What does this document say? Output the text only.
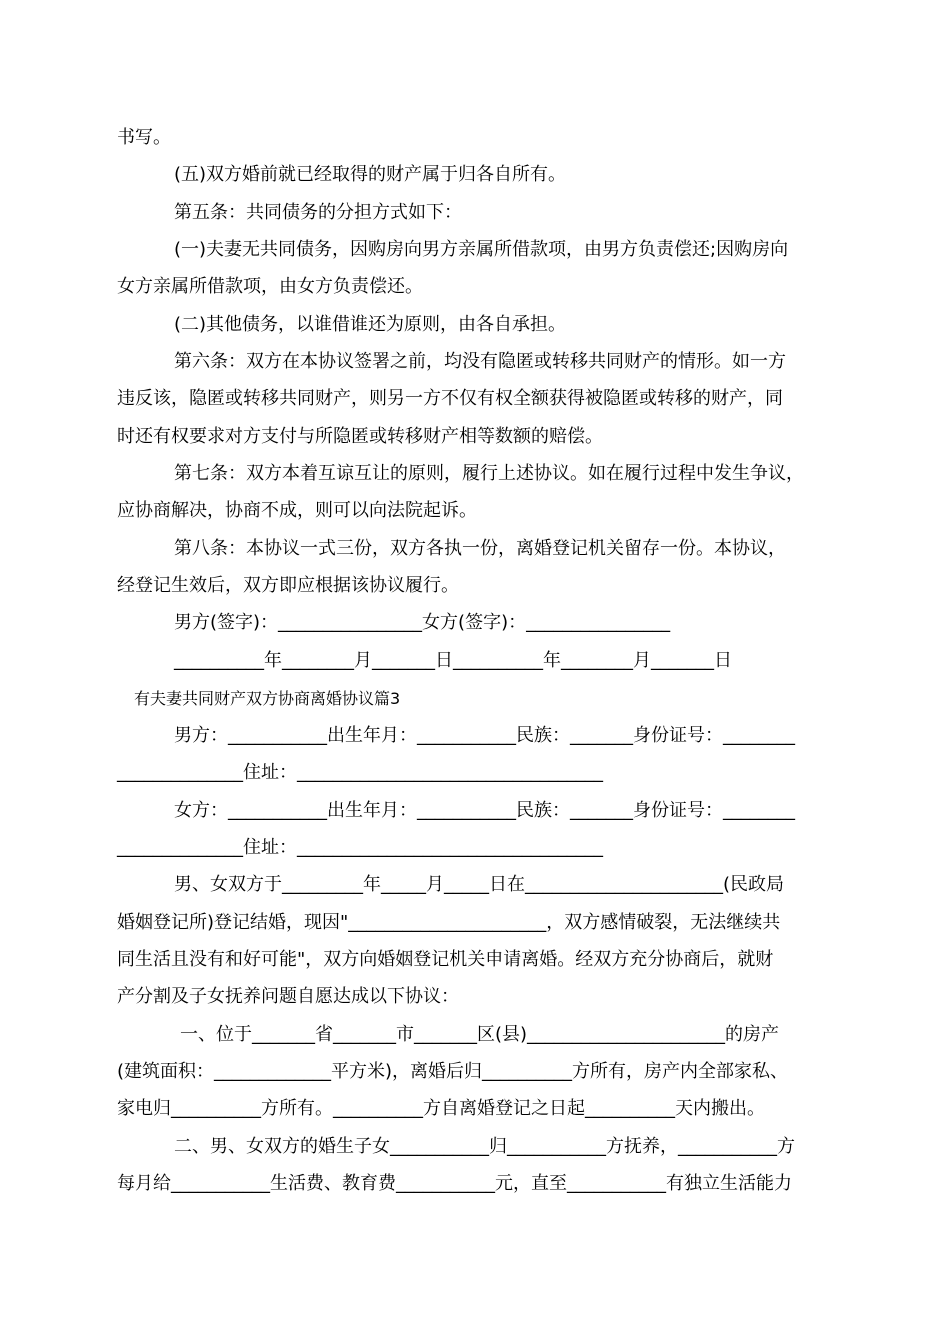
书写。
(五)双方婚前就已经取得的财产属于归各自所有。
第五条：共同债务的分担方式如下：
(一)夫妻无共同债务，因购房向男方亲属所借款项，由男方负责偿还;因购房向
女方亲属所借款项，由女方负责偿还。
(二)其他债务，以谁借谁还为原则，由各自承担。
第六条：双方在本协议签署之前，均没有隐匿或转移共同财产的情形。如一方
违反该，隐匿或转移共同财产，则另一方不仅有权全额获得被隐匿或转移的财产，同
时还有权要求对方支付与所隐匿或转移财产相等数额的赔偿。
第七条：双方本着互谅互让的原则，履行上述协议。如在履行过程中发生争议，
应协商解决，协商不成，则可以向法院起诉。
第八条：本协议一式三份，双方各执一份，离婚登记机关留存一份。本协议，
经登记生效后，双方即应根据该协议履行。
男方(签字)：________________女方(签字)：________________
__________年________月_______日__________年________月_______日
有夫妻共同财产双方协商离婚协议篇3
男方：___________出生年月：___________民族：_______身份证号：________
______________住址：__________________________________
女方：___________出生年月：___________民族：_______身份证号：________
______________住址：__________________________________
男、女双方于_________年_____月_____日在______________________(民政局
婚姻登记所)登记结婚，现因"______________________，双方感情破裂，无法继续共
同生活且没有和好可能"，双方向婚姻登记机关申请离婚。经双方充分协商后，就财
产分割及子女抚养问题自愿达成以下协议：
一、位于_______省_______市_______区(县)______________________的房产
(建筑面积：_____________平方米)，离婚后归__________方所有，房产内全部家私、
家电归__________方所有。__________方自离婚登记之日起__________天内搬出。
二、男、女双方的婚生子女___________归___________方抚养，___________方
每月给___________生活费、教育费___________元，直至___________有独立生活能力
